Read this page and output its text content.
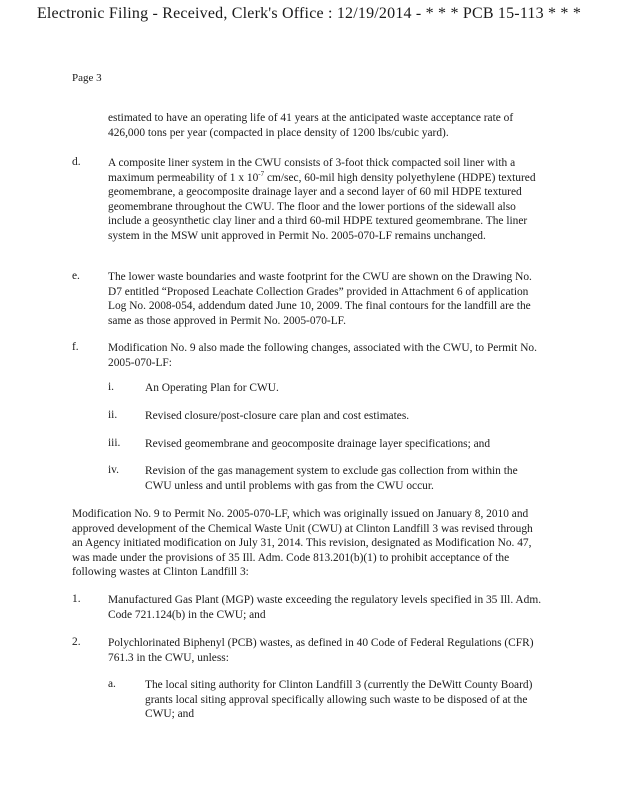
Electronic Filing - Received, Clerk's Office : 12/19/2014 - * * * PCB 15-113 * * *
Page 3
estimated to have an operating life of 41 years at the anticipated waste acceptance rate of 426,000 tons per year (compacted in place density of 1200 lbs/cubic yard).
d. A composite liner system in the CWU consists of 3-foot thick compacted soil liner with a maximum permeability of 1 x $10^{-7}$ cm/sec, 60-mil high density polyethylene (HDPE) textured geomembrane, a geocomposite drainage layer and a second layer of 60 mil HDPE textured geomembrane throughout the CWU. The floor and the lower portions of the sidewall also include a geosynthetic clay liner and a third 60-mil HDPE textured geomembrane. The liner system in the MSW unit approved in Permit No. 2005-070-LF remains unchanged.
e. The lower waste boundaries and waste footprint for the CWU are shown on the Drawing No. D7 entitled “Proposed Leachate Collection Grades” provided in Attachment 6 of application Log No. 2008-054, addendum dated June 10, 2009. The final contours for the landfill are the same as those approved in Permit No. 2005-070-LF.
f.	Modification No. 9 also made the following changes, associated with the CWU, to Permit No. 2005-070-LF:
i.	An Operating Plan for CWU.
ii. Revised closure/post-closure care plan and cost estimates.
iii. Revised geomembrane and geocomposite drainage layer specifications; and
iv. Revision of the gas management system to exclude gas collection from within the CWU unless and until problems with gas from the CWU occur.
Modification No. 9 to Permit No. 2005-070-LF, which was originally issued on January 8, 2010 and approved development of the Chemical Waste Unit (CWU) at Clinton Landfill 3 was revised through an Agency initiated modification on July 31, 2014. This revision, designated as Modification No. 47, was made under the provisions of 35 Ill. Adm. Code 813.201(b)(1) to prohibit acceptance of the following wastes at Clinton Landfill 3:
1. Manufactured Gas Plant (MGP) waste exceeding the regulatory levels specified in 35 Ill. Adm. Code 721.124(b) in the CWU; and
2. Polychlorinated Biphenyl (PCB) wastes, as defined in 40 Code of Federal Regulations (CFR) 761.3 in the CWU, unless:
a.	The local siting authority for Clinton Landfill 3 (currently the DeWitt County Board) grants local siting approval specifically allowing such waste to be disposed of at the CWU; and
